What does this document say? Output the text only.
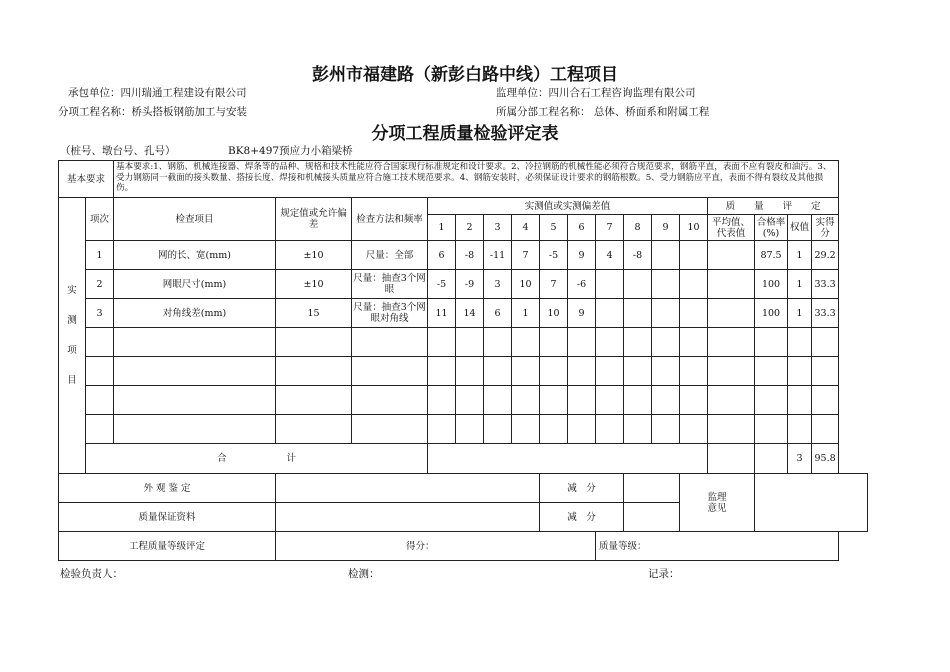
彭州市福建路（新彭白路中线）工程项目
承包单位：四川瑞通工程建设有限公司	监理单位：四川合石工程咨询监理有限公司
分项工程名称：桥头搭板钢筋加工与安装	所属分部工程名称： 总体、桥面系和附属工程
分项工程质量检验评定表
（桩号、墩台号、孔号）	BK8+497预应力小箱梁桥
基本要求		基本要求:1、钢筋、机械连接器、焊条等的品种、规格和技术性能应符合国家现行标准规定和设计要求。2、冷拉钢筋的机械性能必须符合规范要求，钢筋平直，表面不应有裂皮和油污。3、受力钢筋同一截面的接头数量、搭接长度、焊接和机械接头质量应符合施工技术规范要求。4、钢筋安装时，必须保证设计要求的钢筋根数。5、受力钢筋应平直，表面不得有裂纹及其他损伤。																

实
测
项
目	项次	检查项目	规定值或允许偏差	检查方法和频率	实测值或实测偏差值										质　　量　　评　　定			
					1	2	3	4	5	6	7	8	9	10	平均值、代表值	合格率(%)	权值	实得分
	1	网的长、宽(mm)	±10	尺量：全部	6	-8	-11	7	-5	9	4	-8				87.5	1	29.2
	2	网眼尺寸(mm)	±10	尺量：抽查3个网眼	-5	-9	3	10	7	-6						100	1	33.3
	3	对角线差(mm)	15	尺量：抽查3个网眼对角线	11	14	6	1	10	9						100	1	33.3

	合 计																3	95.8
外 观 鉴 定									减　分					监理意见				

质量保证资料									减　分									
工程质量等级评定			得分：								质量等级：							
检验负责人：	检测：	记录：
